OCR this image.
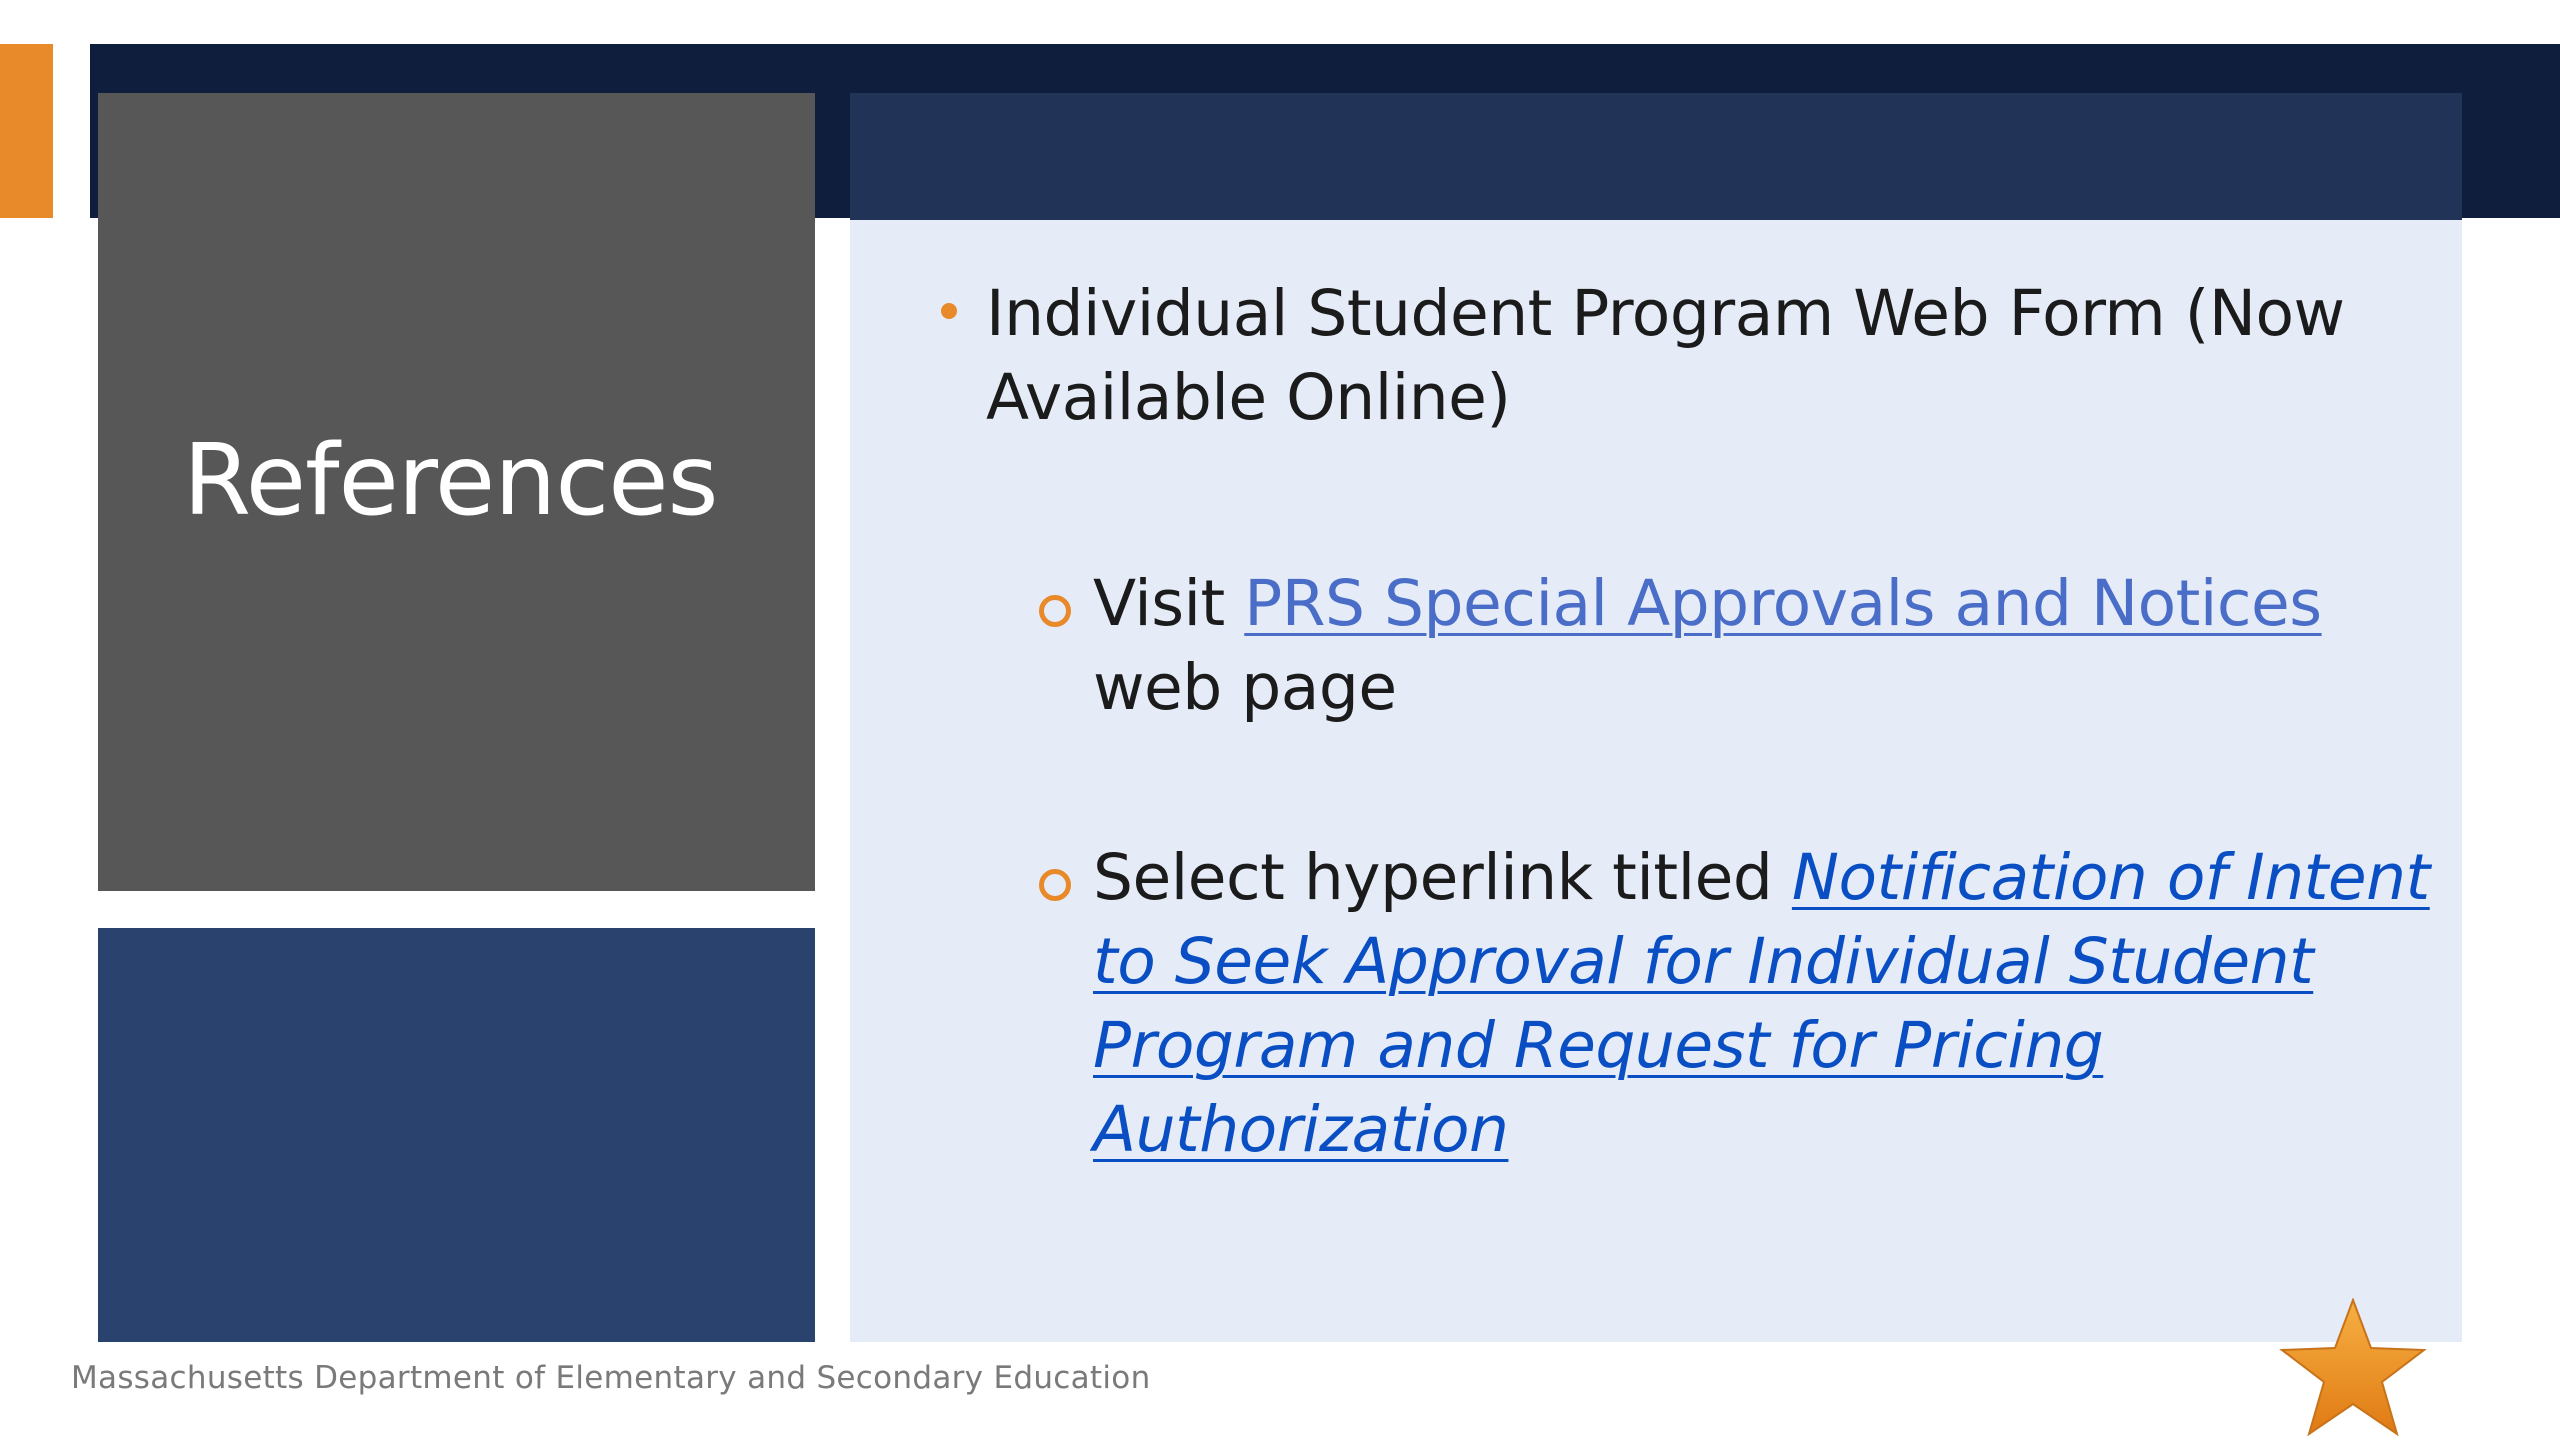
References
Individual Student Program Web Form (Now Available Online)
Visit PRS Special Approvals and Notices web page
Select hyperlink titled Notification of Intent to Seek Approval for Individual Student Program and Request for Pricing Authorization
Massachusetts Department of Elementary and Secondary Education
